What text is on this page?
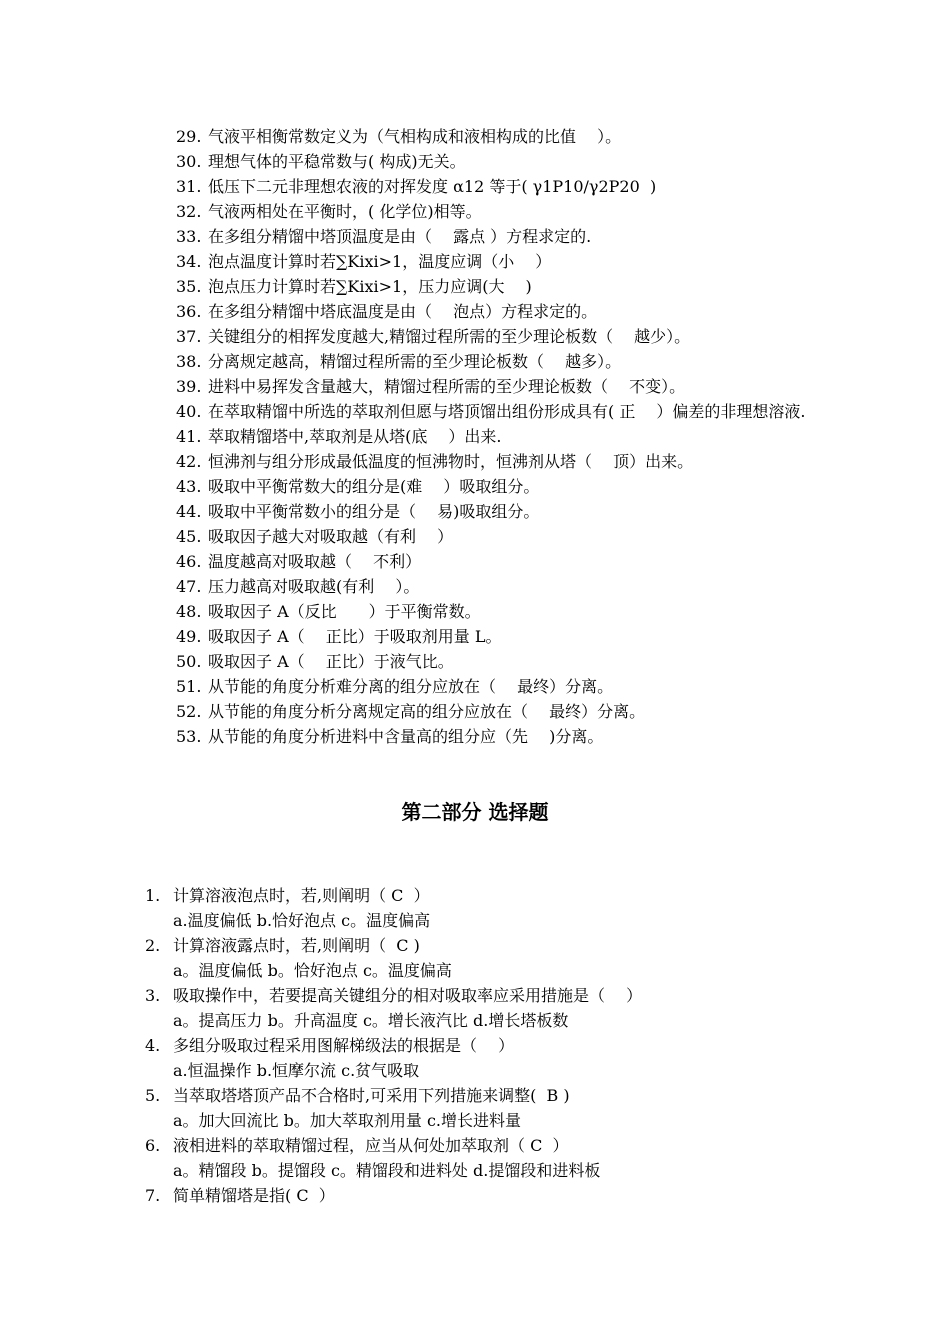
29. 气液平相衡常数定义为（气相构成和液相构成的比值　 ）。
30. 理想气体的平稳常数与( 构成)无关。
31. 低压下二元非理想农液的对挥发度 α12 等于( γ1P10/γ2P20  )
32. 气液两相处在平衡时，( 化学位)相等。
33. 在多组分精馏中塔顶温度是由（　 露点 ）方程求定的.
34. 泡点温度计算时若∑Kixi>1，温度应调（小　 ）
35. 泡点压力计算时若∑Kixi>1，压力应调(大　 )
36. 在多组分精馏中塔底温度是由（　 泡点）方程求定的。
37. 关键组分的相挥发度越大,精馏过程所需的至少理论板数（　 越少）。
38. 分离规定越高，精馏过程所需的至少理论板数（　 越多）。
39. 进料中易挥发含量越大，精馏过程所需的至少理论板数（　 不变）。
40. 在萃取精馏中所选的萃取剂但愿与塔顶馏出组份形成具有( 正　 ）偏差的非理想溶液.
41. 萃取精馏塔中,萃取剂是从塔(底　 ）出来.
42. 恒沸剂与组分形成最低温度的恒沸物时，恒沸剂从塔（　 顶）出来。
43. 吸取中平衡常数大的组分是(难　 ）吸取组分。
44. 吸取中平衡常数小的组分是（　 易)吸取组分。
45. 吸取因子越大对吸取越（有利　 ）
46. 温度越高对吸取越（　 不利）
47. 压力越高对吸取越(有利　 ）。
48. 吸取因子 A（反比　　）于平衡常数。
49. 吸取因子 A（　 正比）于吸取剂用量 L。
50. 吸取因子 A（　 正比）于液气比。
51. 从节能的角度分析难分离的组分应放在（　 最终）分离。
52. 从节能的角度分析分离规定高的组分应放在（　 最终）分离。
53. 从节能的角度分析进料中含量高的组分应（先　 )分离。
第二部分 选择题
1. 计算溶液泡点时，若,则阐明（ C  ）
a.温度偏低 b.恰好泡点 c。温度偏高
2. 计算溶液露点时，若,则阐明（  C )
a。温度偏低 b。恰好泡点 c。温度偏高
3. 吸取操作中，若要提高关键组分的相对吸取率应采用措施是（　 ）
a。提高压力 b。升高温度 c。增长液汽比 d.增长塔板数
4. 多组分吸取过程采用图解梯级法的根据是（　 ）
a.恒温操作 b.恒摩尔流 c.贫气吸取
5. 当萃取塔塔顶产品不合格时,可采用下列措施来调整(  B )
a。加大回流比 b。加大萃取剂用量 c.增长进料量
6. 液相进料的萃取精馏过程，应当从何处加萃取剂（ C  ）
a。精馏段 b。提馏段 c。精馏段和进料处 d.提馏段和进料板
7. 简单精馏塔是指( C  ）
